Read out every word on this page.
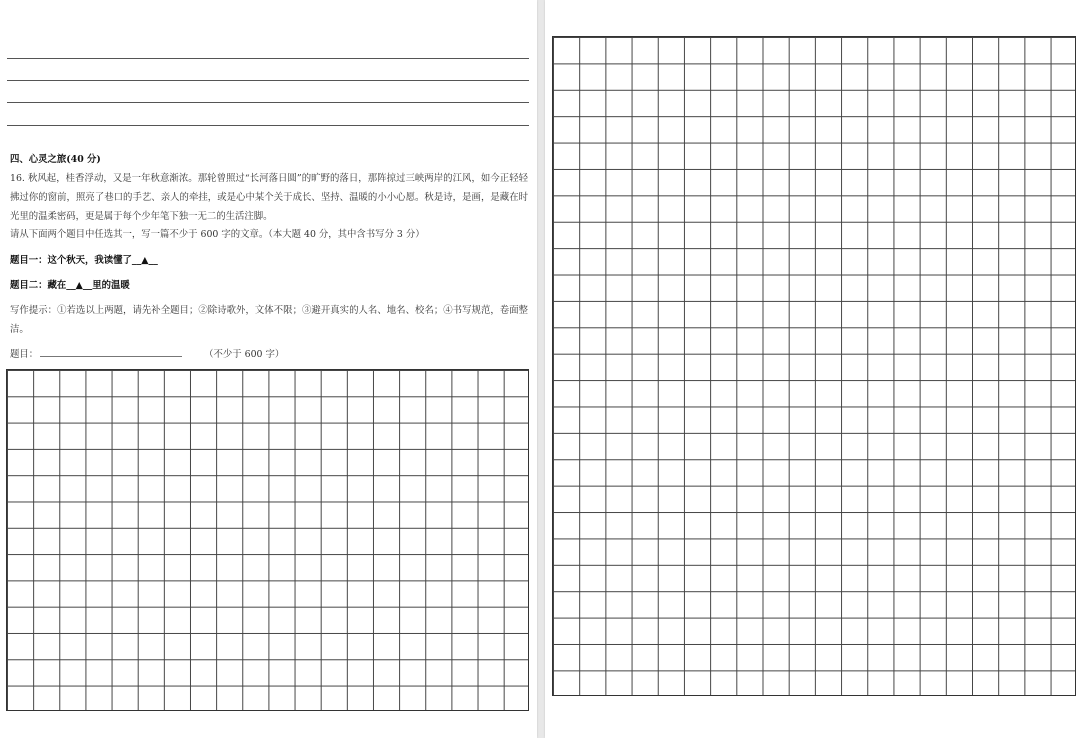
四、心灵之旅(40 分)

16. 秋风起，桂香浮动，又是一年秋意渐浓。那轮曾照过“长河落日圆”的旷野的落日，那阵掠过三峡两岸的江风，如今正轻轻拂过你的窗前，照亮了巷口的手艺、亲人的牵挂，或是心中某个关于成长、坚持、温暖的小小心愿。秋是诗，是画，是藏在时光里的温柔密码，更是属于每个少年笔下独一无二的生活注脚。

请从下面两个题目中任选其一，写一篇不少于 600 字的文章。（本大题 40 分，其中含书写分 3 分）

题目一：这个秋天，我读懂了__▲__

题目二：藏在__▲__里的温暖

写作提示：①若选以上两题，请先补全题目；②除诗歌外，文体不限；③避开真实的人名、地名、校名；④书写规范，卷面整洁。

题目：	（不少于 600 字）
